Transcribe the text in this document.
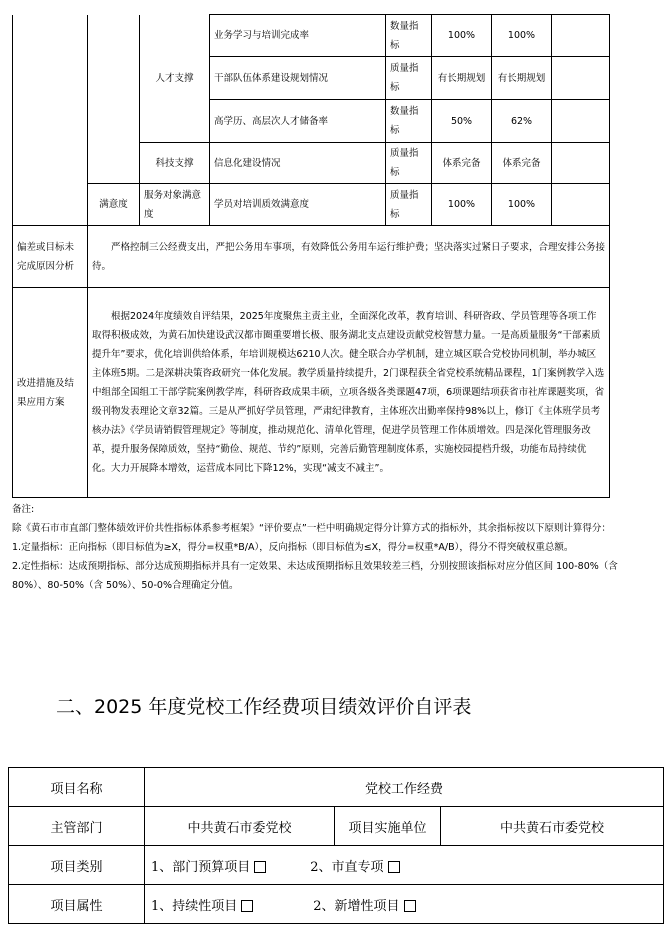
		人才支撑	业务学习与培训完成率	数量指标	100%	100%	
			干部队伍体系建设规划情况	质量指标	有长期规划	有长期规划	
			高学历、高层次人才储备率	数量指标	50%	62%	
		科技支撑	信息化建设情况	质量指标	体系完备	体系完备	
	满意度	服务对象满意度	学员对培训质效满意度	质量指标	100%	100%	
偏差或目标未完成原因分析	严格控制三公经费支出，严把公务用车事项，有效降低公务用车运行维护费；坚决落实过紧日子要求，合理安排公务接待。						
改进措施及结果应用方案	根据2024年度绩效自评结果，2025年度聚焦主责主业，全面深化改革，教育培训、科研咨政、学员管理等各项工作取得积极成效，为黄石加快建设武汉都市圈重要增长极、服务湖北支点建设贡献党校智慧力量。一是高质量服务“干部素质提升年”要求，优化培训供给体系，年培训规模达6210人次。健全联合办学机制，建立城区联合党校协同机制，举办城区主体班5期。二是深耕决策咨政研究一体化发展。教学质量持续提升，2门课程获全省党校系统精品课程，1门案例教学入选中组部全国组工干部学院案例教学库，科研咨政成果丰硕，立项各级各类课题47项，6项课题结项获省市社库课题奖项，省级刊物发表理论文章32篇。三是从严抓好学员管理，严肃纪律教育，主体班次出勤率保持98%以上，修订《主体班学员考核办法》《学员请销假管理规定》等制度，推动规范化、清单化管理，促进学员管理工作体质增效。四是深化管理服务改革，提升服务保障质效，坚持“勤俭、规范、节约”原则，完善后勤管理制度体系，实施校园提档升级，功能布局持续优化。大力开展降本增效，运营成本同比下降12%，实现“减支不减主”。						

备注:

除《黄石市市直部门整体绩效评价共性指标体系参考框架》“评价要点”一栏中明确规定得分计算方式的指标外，其余指标按以下原则计算得分：

1.定量指标：正向指标（即目标值为≥X，得分=权重*B/A），反向指标（即目标值为≤X，得分=权重*A/B），得分不得突破权重总额。

2.定性指标：达成预期指标、部分达成预期指标并具有一定效果、未达成预期指标且效果较差三档，分别按照该指标对应分值区间 100-80%（含 80%）、80-50%（含 50%）、50-0%合理确定分值。

二、2025 年度党校工作经费项目绩效评价自评表
项目名称	党校工作经费		
主管部门	中共黄石市委党校	项目实施单位	中共黄石市委党校
项目类别	1、部门预算项目 2、市直专项		
项目属性	1、持续性项目 2、新增性项目		
